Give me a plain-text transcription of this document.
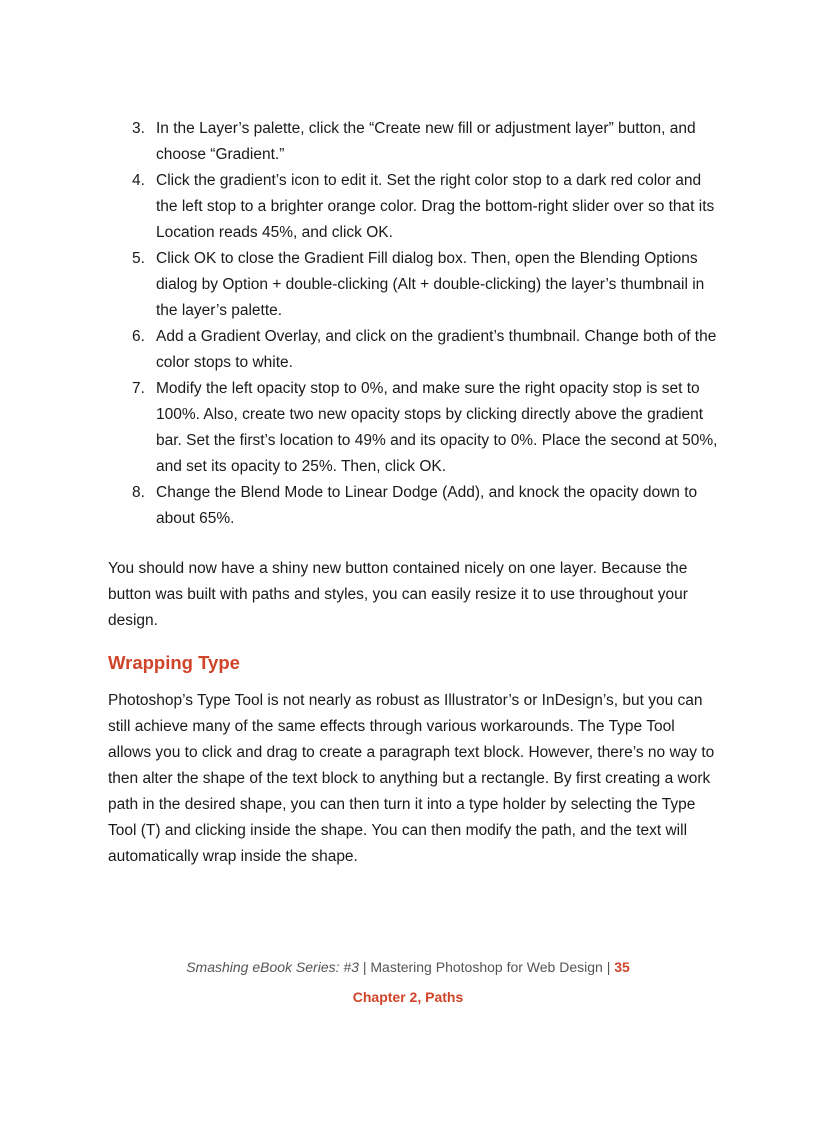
3. In the Layer’s palette, click the “Create new fill or adjustment layer” button, and choose “Gradient.”
4. Click the gradient’s icon to edit it. Set the right color stop to a dark red color and the left stop to a brighter orange color. Drag the bottom-right slider over so that its Location reads 45%, and click OK.
5. Click OK to close the Gradient Fill dialog box. Then, open the Blending Options dialog by Option + double-clicking (Alt + double-clicking) the layer’s thumbnail in the layer’s palette.
6. Add a Gradient Overlay, and click on the gradient’s thumbnail. Change both of the color stops to white.
7. Modify the left opacity stop to 0%, and make sure the right opacity stop is set to 100%. Also, create two new opacity stops by clicking directly above the gradient bar. Set the first’s location to 49% and its opacity to 0%. Place the second at 50%, and set its opacity to 25%. Then, click OK.
8. Change the Blend Mode to Linear Dodge (Add), and knock the opacity down to about 65%.

You should now have a shiny new button contained nicely on one layer. Because the button was built with paths and styles, you can easily resize it to use throughout your design.

Wrapping Type

Photoshop’s Type Tool is not nearly as robust as Illustrator’s or InDesign’s, but you can still achieve many of the same effects through various workarounds. The Type Tool allows you to click and drag to create a paragraph text block. However, there’s no way to then alter the shape of the text block to anything but a rectangle. By first creating a work path in the desired shape, you can then turn it into a type holder by selecting the Type Tool (T) and clicking inside the shape. You can then modify the path, and the text will automatically wrap inside the shape.

Smashing eBook Series: #3 | Mastering Photoshop for Web Design | 35
Chapter 2, Paths
